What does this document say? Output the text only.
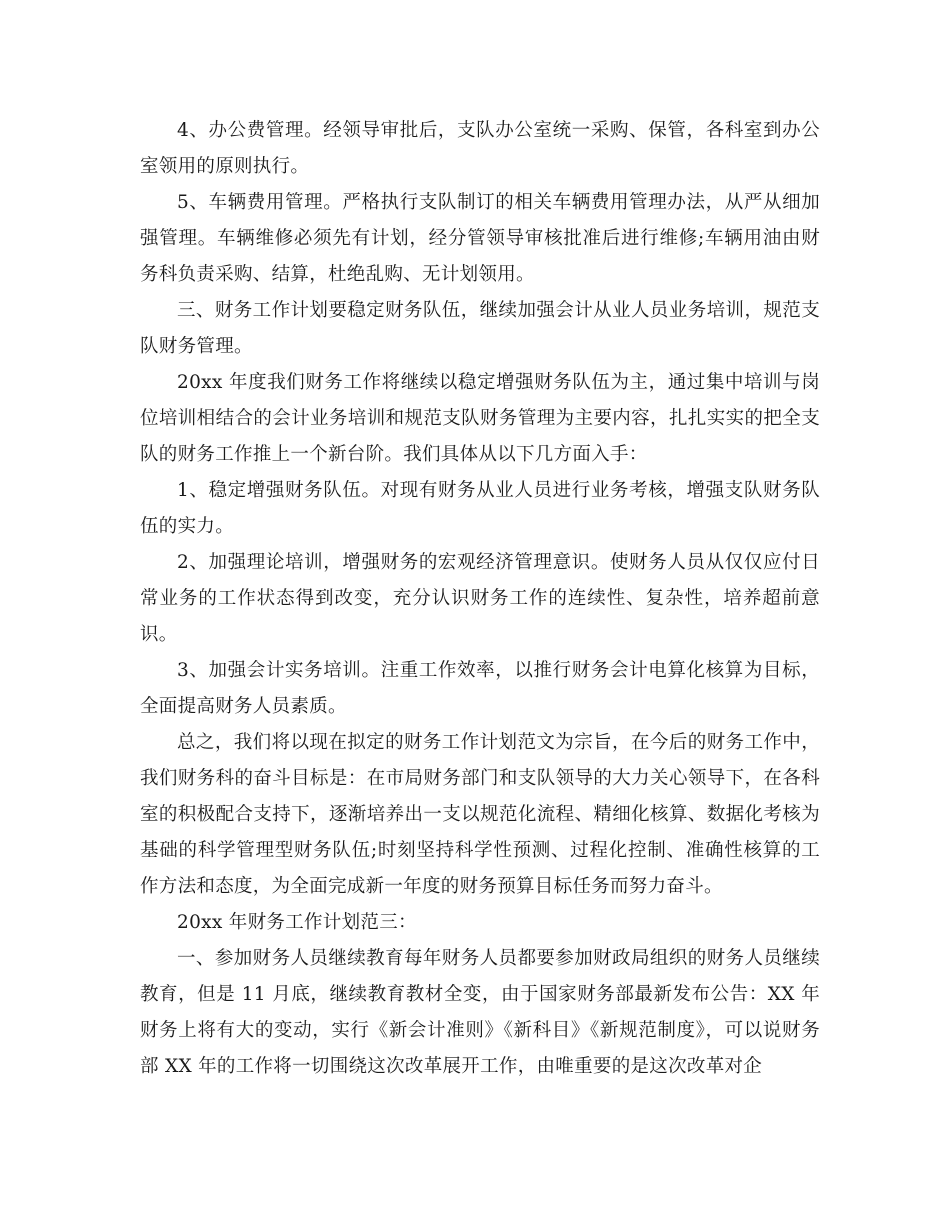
4、办公费管理。经领导审批后，支队办公室统一采购、保管，各科室到办公室领用的原则执行。

5、车辆费用管理。严格执行支队制订的相关车辆费用管理办法，从严从细加强管理。车辆维修必须先有计划，经分管领导审核批准后进行维修;车辆用油由财务科负责采购、结算，杜绝乱购、无计划领用。

三、财务工作计划要稳定财务队伍，继续加强会计从业人员业务培训，规范支队财务管理。

20xx 年度我们财务工作将继续以稳定增强财务队伍为主，通过集中培训与岗位培训相结合的会计业务培训和规范支队财务管理为主要内容，扎扎实实的把全支队的财务工作推上一个新台阶。我们具体从以下几方面入手：

1、稳定增强财务队伍。对现有财务从业人员进行业务考核，增强支队财务队伍的实力。

2、加强理论培训，增强财务的宏观经济管理意识。使财务人员从仅仅应付日常业务的工作状态得到改变，充分认识财务工作的连续性、复杂性，培养超前意识。

3、加强会计实务培训。注重工作效率，以推行财务会计电算化核算为目标，全面提高财务人员素质。

总之，我们将以现在拟定的财务工作计划范文为宗旨，在今后的财务工作中，我们财务科的奋斗目标是：在市局财务部门和支队领导的大力关心领导下，在各科室的积极配合支持下，逐渐培养出一支以规范化流程、精细化核算、数据化考核为基础的科学管理型财务队伍;时刻坚持科学性预测、过程化控制、准确性核算的工作方法和态度，为全面完成新一年度的财务预算目标任务而努力奋斗。

20xx 年财务工作计划范三：

一、参加财务人员继续教育每年财务人员都要参加财政局组织的财务人员继续教育，但是 11 月底，继续教育教材全变，由于国家财务部最新发布公告：XX 年财务上将有大的变动，实行《新会计准则》《新科目》《新规范制度》，可以说财务部 XX 年的工作将一切围绕这次改革展开工作，由唯重要的是这次改革对企
